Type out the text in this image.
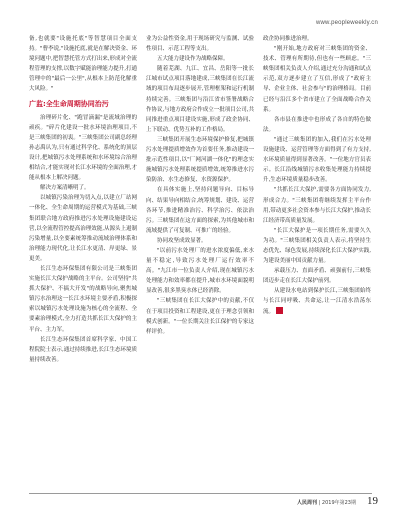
www.peopleweekly.cn

备,也就要"设施托底"等智慧项目全面支持。"曹李说,"设施托底,就是在解决资金、环境问题中,把智慧托管方式打出来,形成对全流程管理的支撑,以数字赋能治理能力提升,打通管理中的"最后一公里",从根本上防范化解重大风险。"

广监:全生命周期协同治污

治理碎片化、"跑冒滴漏"是流域治理的顽疾。"碎片化建设一批水环境治理项目,不是三峡集团的初衷。"三峡集团公司副总经理孙志禹认为,只有通过科学化、系统化的顶层设计,把城镇污水处理系统和水环境综合治理相结合,才能实现对长江水环境的全面治理,才能从根本上解决问题。

解决方案清晰明了。

以城镇污染治理为切入点,以建立厂站网一体化、全生命周期的运营模式为基础,三峡集团联合地方政府推进污水处理设施建设运营,以全流程管控提高治理效能,从源头上遏制污染增量,以全要素统筹推动流域治理体系和治理能力现代化,让长江水更清、岸更绿、景更美。

长江生态环保集团有限公司是三峡集团实施长江大保护战略的主平台。公司坚持"共抓大保护、不搞大开发"的战略导向,聚焦城镇污水治理这一长江水环境主要矛盾,积极探索以城镇污水处理设施为核心的全流程、全要素治理模式,全力打造共抓长江大保护的主平台、主力军。

长江生态环保集团首席科学家、中国工程院院士表示,通过持续推进,长江生态环境质量持续改善。

业为公益性资金,用于现场研究与监测、试验性项目、示范工程等支出。

五大能力建设作为战略保障。

随着芜湖、九江、宜昌、岳阳等一批长江城市试点项目落地建成,三峡集团在长江流域的项目布局逐步展开,管理框架和运行机制持续完善。三峡集团与沿江省市签署战略合作协议,与地方政府合作成立一批项目公司,共同推进重点项目建设实施,形成了政企协同、上下联动、优势互补的工作格局。

三峡集团开展生态环境保护修复,把城镇污水处理提质增效作为首要任务,推动建设一批示范性项目,以"厂网河湖一体化"的理念实施城镇污水处理系统提质增效,统筹推进水污染防治、水生态修复、水资源保护。

在具体实施上,坚持问题导向、目标导向、结果导向相结合,统筹规划、建设、运营各环节,推进精准治污、科学治污、依法治污。三峡集团在这方面的探索,为其他城市和流域提供了可复制、可推广的经验。

协同攻坚成效显著。

"以前污水处理厂的进水浓度偏低,来水量不稳定,导致污水处理厂运行效率不高。"九江市一位负责人介绍,现在城镇污水处理能力和效率都在提升,城市水环境面貌明显改善,很多黑臭水体已经消除。

"三峡集团在长江大保护中的贡献,不仅在于项目投资和工程建设,更在于理念引领和模式创新。"一位长期关注长江保护的专家这样评价。

政企协同推进治理。

"刚开始,地方政府对三峡集团的资金、技术、管理有所期待,但也有一些顾虑。"三峡集团相关负责人介绍,通过充分沟通和试点示范,双方逐步建立了互信,形成了"政府主导、企业主体、社会参与"的治理格局。目前已经与沿江多个省市建立了全面战略合作关系。

各市县在推进中也形成了各自的特色做法。

"通过三峡集团的加入,我们在污水处理设施建设、运营管理等方面得到了有力支持,水环境质量得到显著改善。"一位地方官员表示。长江沿线城镇污水收集处理能力持续提升,生态环境质量稳步改善。

"共抓长江大保护,需要各方面协同发力,形成合力。"三峡集团将继续发挥主平台作用,带动更多社会资本参与长江大保护,推动长江经济带高质量发展。

"长江大保护是一项长期任务,需要久久为功。"三峡集团相关负责人表示,将坚持生态优先、绿色发展,持续深化长江大保护实践,为建设美丽中国贡献力量。

承载压力、直面矛盾、顽强前行,三峡集团迈步走在长江大保护前列。

从建设水电站到保护长江,三峡集团始终与长江同呼吸、共命运,让一江清水浩荡东流。

人民周刊 | 2019年第23期 19
